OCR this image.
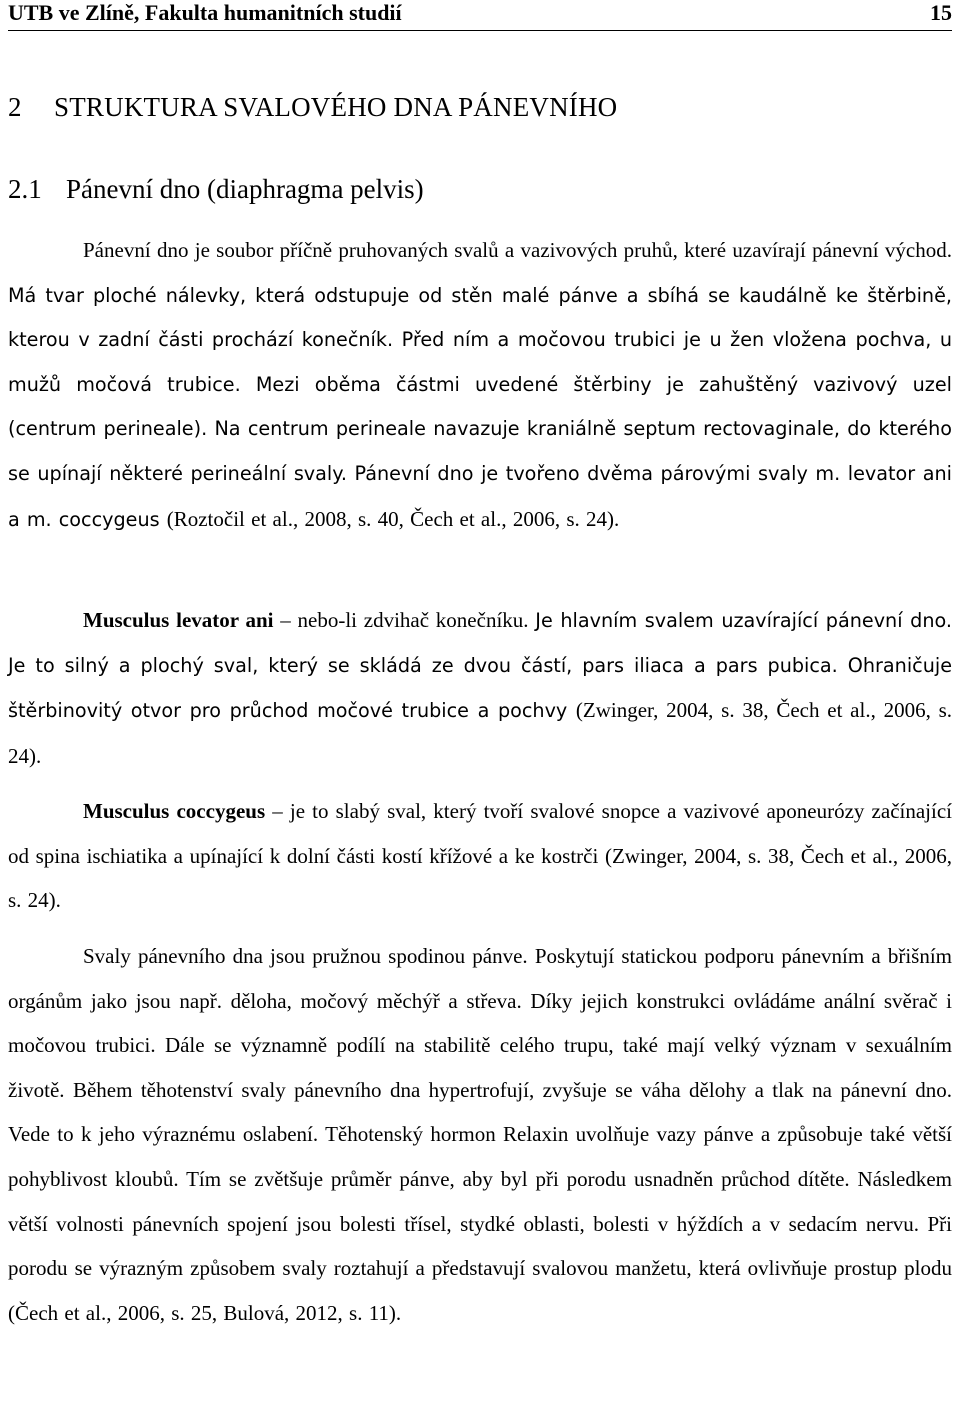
UTB ve Zlíně, Fakulta humanitních studií	15
2 STRUKTURA SVALOVÉHO DNA PÁNEVNÍHO
2.1 Pánevní dno (diaphragma pelvis)

Pánevní dno je soubor příčně pruhovaných svalů a vazivových pruhů, které uzavírají pánevní východ. Má tvar ploché nálevky, která odstupuje od stěn malé pánve a sbíhá se kaudálně ke štěrbině, kterou v zadní části prochází konečník. Před ním a močovou trubici je u žen vložena pochva, u mužů močová trubice. Mezi oběma částmi uvedené štěrbiny je zahuštěný vazivový uzel (centrum perineale). Na centrum perineale navazuje kraniálně septum rectovaginale, do kterého se upínají některé perineální svaly. Pánevní dno je tvořeno dvěma párovými svaly m. levator ani a m. coccygeus (Roztočil et al., 2008, s. 40, Čech et al., 2006, s. 24).

Musculus levator ani – nebo-li zdvihač konečníku. Je hlavním svalem uzavírající pánevní dno. Je to silný a plochý sval, který se skládá ze dvou částí, pars iliaca a pars pubica. Ohraničuje štěrbinovitý otvor pro průchod močové trubice a pochvy (Zwinger, 2004, s. 38, Čech et al., 2006, s. 24).

Musculus coccygeus – je to slabý sval, který tvoří svalové snopce a vazivové aponeurózy začínající od spina ischiatika a upínající k dolní části kostí křížové a ke kostrči (Zwinger, 2004, s. 38, Čech et al., 2006, s. 24).

Svaly pánevního dna jsou pružnou spodinou pánve. Poskytují statickou podporu pánevním a břišním orgánům jako jsou např. děloha, močový měchýř a střeva. Díky jejich konstrukci ovládáme anální svěrač i močovou trubici. Dále se významně podílí na stabilitě celého trupu, také mají velký význam v sexuálním životě. Během těhotenství svaly pánevního dna hypertrofují, zvyšuje se váha dělohy a tlak na pánevní dno. Vede to k jeho výraznému oslabení. Těhotenský hormon Relaxin uvolňuje vazy pánve a způsobuje také větší pohyblivost kloubů. Tím se zvětšuje průměr pánve, aby byl při porodu usnadněn průchod dítěte. Následkem větší volnosti pánevních spojení jsou bolesti třísel, stydké oblasti, bolesti v hýždích a v sedacím nervu. Při porodu se výrazným způsobem svaly roztahují a představují svalovou manžetu, která ovlivňuje prostup plodu (Čech et al., 2006, s. 25, Bulová, 2012, s. 11).
